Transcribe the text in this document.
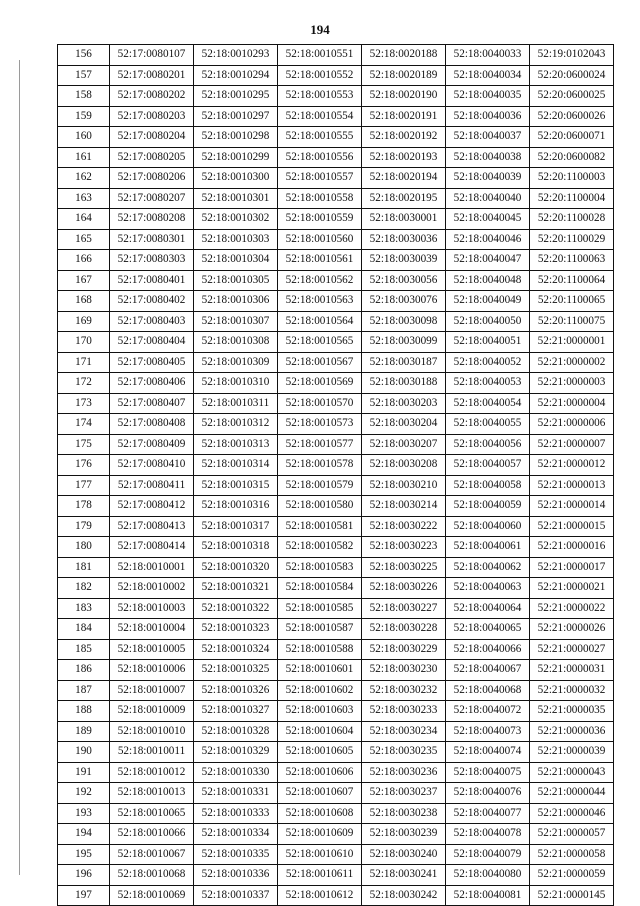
194
156	52:17:0080107	52:18:0010293	52:18:0010551	52:18:0020188	52:18:0040033	52:19:0102043
157	52:17:0080201	52:18:0010294	52:18:0010552	52:18:0020189	52:18:0040034	52:20:0600024
158	52:17:0080202	52:18:0010295	52:18:0010553	52:18:0020190	52:18:0040035	52:20:0600025
159	52:17:0080203	52:18:0010297	52:18:0010554	52:18:0020191	52:18:0040036	52:20:0600026
160	52:17:0080204	52:18:0010298	52:18:0010555	52:18:0020192	52:18:0040037	52:20:0600071
161	52:17:0080205	52:18:0010299	52:18:0010556	52:18:0020193	52:18:0040038	52:20:0600082
162	52:17:0080206	52:18:0010300	52:18:0010557	52:18:0020194	52:18:0040039	52:20:1100003
163	52:17:0080207	52:18:0010301	52:18:0010558	52:18:0020195	52:18:0040040	52:20:1100004
164	52:17:0080208	52:18:0010302	52:18:0010559	52:18:0030001	52:18:0040045	52:20:1100028
165	52:17:0080301	52:18:0010303	52:18:0010560	52:18:0030036	52:18:0040046	52:20:1100029
166	52:17:0080303	52:18:0010304	52:18:0010561	52:18:0030039	52:18:0040047	52:20:1100063
167	52:17:0080401	52:18:0010305	52:18:0010562	52:18:0030056	52:18:0040048	52:20:1100064
168	52:17:0080402	52:18:0010306	52:18:0010563	52:18:0030076	52:18:0040049	52:20:1100065
169	52:17:0080403	52:18:0010307	52:18:0010564	52:18:0030098	52:18:0040050	52:20:1100075
170	52:17:0080404	52:18:0010308	52:18:0010565	52:18:0030099	52:18:0040051	52:21:0000001
171	52:17:0080405	52:18:0010309	52:18:0010567	52:18:0030187	52:18:0040052	52:21:0000002
172	52:17:0080406	52:18:0010310	52:18:0010569	52:18:0030188	52:18:0040053	52:21:0000003
173	52:17:0080407	52:18:0010311	52:18:0010570	52:18:0030203	52:18:0040054	52:21:0000004
174	52:17:0080408	52:18:0010312	52:18:0010573	52:18:0030204	52:18:0040055	52:21:0000006
175	52:17:0080409	52:18:0010313	52:18:0010577	52:18:0030207	52:18:0040056	52:21:0000007
176	52:17:0080410	52:18:0010314	52:18:0010578	52:18:0030208	52:18:0040057	52:21:0000012
177	52:17:0080411	52:18:0010315	52:18:0010579	52:18:0030210	52:18:0040058	52:21:0000013
178	52:17:0080412	52:18:0010316	52:18:0010580	52:18:0030214	52:18:0040059	52:21:0000014
179	52:17:0080413	52:18:0010317	52:18:0010581	52:18:0030222	52:18:0040060	52:21:0000015
180	52:17:0080414	52:18:0010318	52:18:0010582	52:18:0030223	52:18:0040061	52:21:0000016
181	52:18:0010001	52:18:0010320	52:18:0010583	52:18:0030225	52:18:0040062	52:21:0000017
182	52:18:0010002	52:18:0010321	52:18:0010584	52:18:0030226	52:18:0040063	52:21:0000021
183	52:18:0010003	52:18:0010322	52:18:0010585	52:18:0030227	52:18:0040064	52:21:0000022
184	52:18:0010004	52:18:0010323	52:18:0010587	52:18:0030228	52:18:0040065	52:21:0000026
185	52:18:0010005	52:18:0010324	52:18:0010588	52:18:0030229	52:18:0040066	52:21:0000027
186	52:18:0010006	52:18:0010325	52:18:0010601	52:18:0030230	52:18:0040067	52:21:0000031
187	52:18:0010007	52:18:0010326	52:18:0010602	52:18:0030232	52:18:0040068	52:21:0000032
188	52:18:0010009	52:18:0010327	52:18:0010603	52:18:0030233	52:18:0040072	52:21:0000035
189	52:18:0010010	52:18:0010328	52:18:0010604	52:18:0030234	52:18:0040073	52:21:0000036
190	52:18:0010011	52:18:0010329	52:18:0010605	52:18:0030235	52:18:0040074	52:21:0000039
191	52:18:0010012	52:18:0010330	52:18:0010606	52:18:0030236	52:18:0040075	52:21:0000043
192	52:18:0010013	52:18:0010331	52:18:0010607	52:18:0030237	52:18:0040076	52:21:0000044
193	52:18:0010065	52:18:0010333	52:18:0010608	52:18:0030238	52:18:0040077	52:21:0000046
194	52:18:0010066	52:18:0010334	52:18:0010609	52:18:0030239	52:18:0040078	52:21:0000057
195	52:18:0010067	52:18:0010335	52:18:0010610	52:18:0030240	52:18:0040079	52:21:0000058
196	52:18:0010068	52:18:0010336	52:18:0010611	52:18:0030241	52:18:0040080	52:21:0000059
197	52:18:0010069	52:18:0010337	52:18:0010612	52:18:0030242	52:18:0040081	52:21:0000145
